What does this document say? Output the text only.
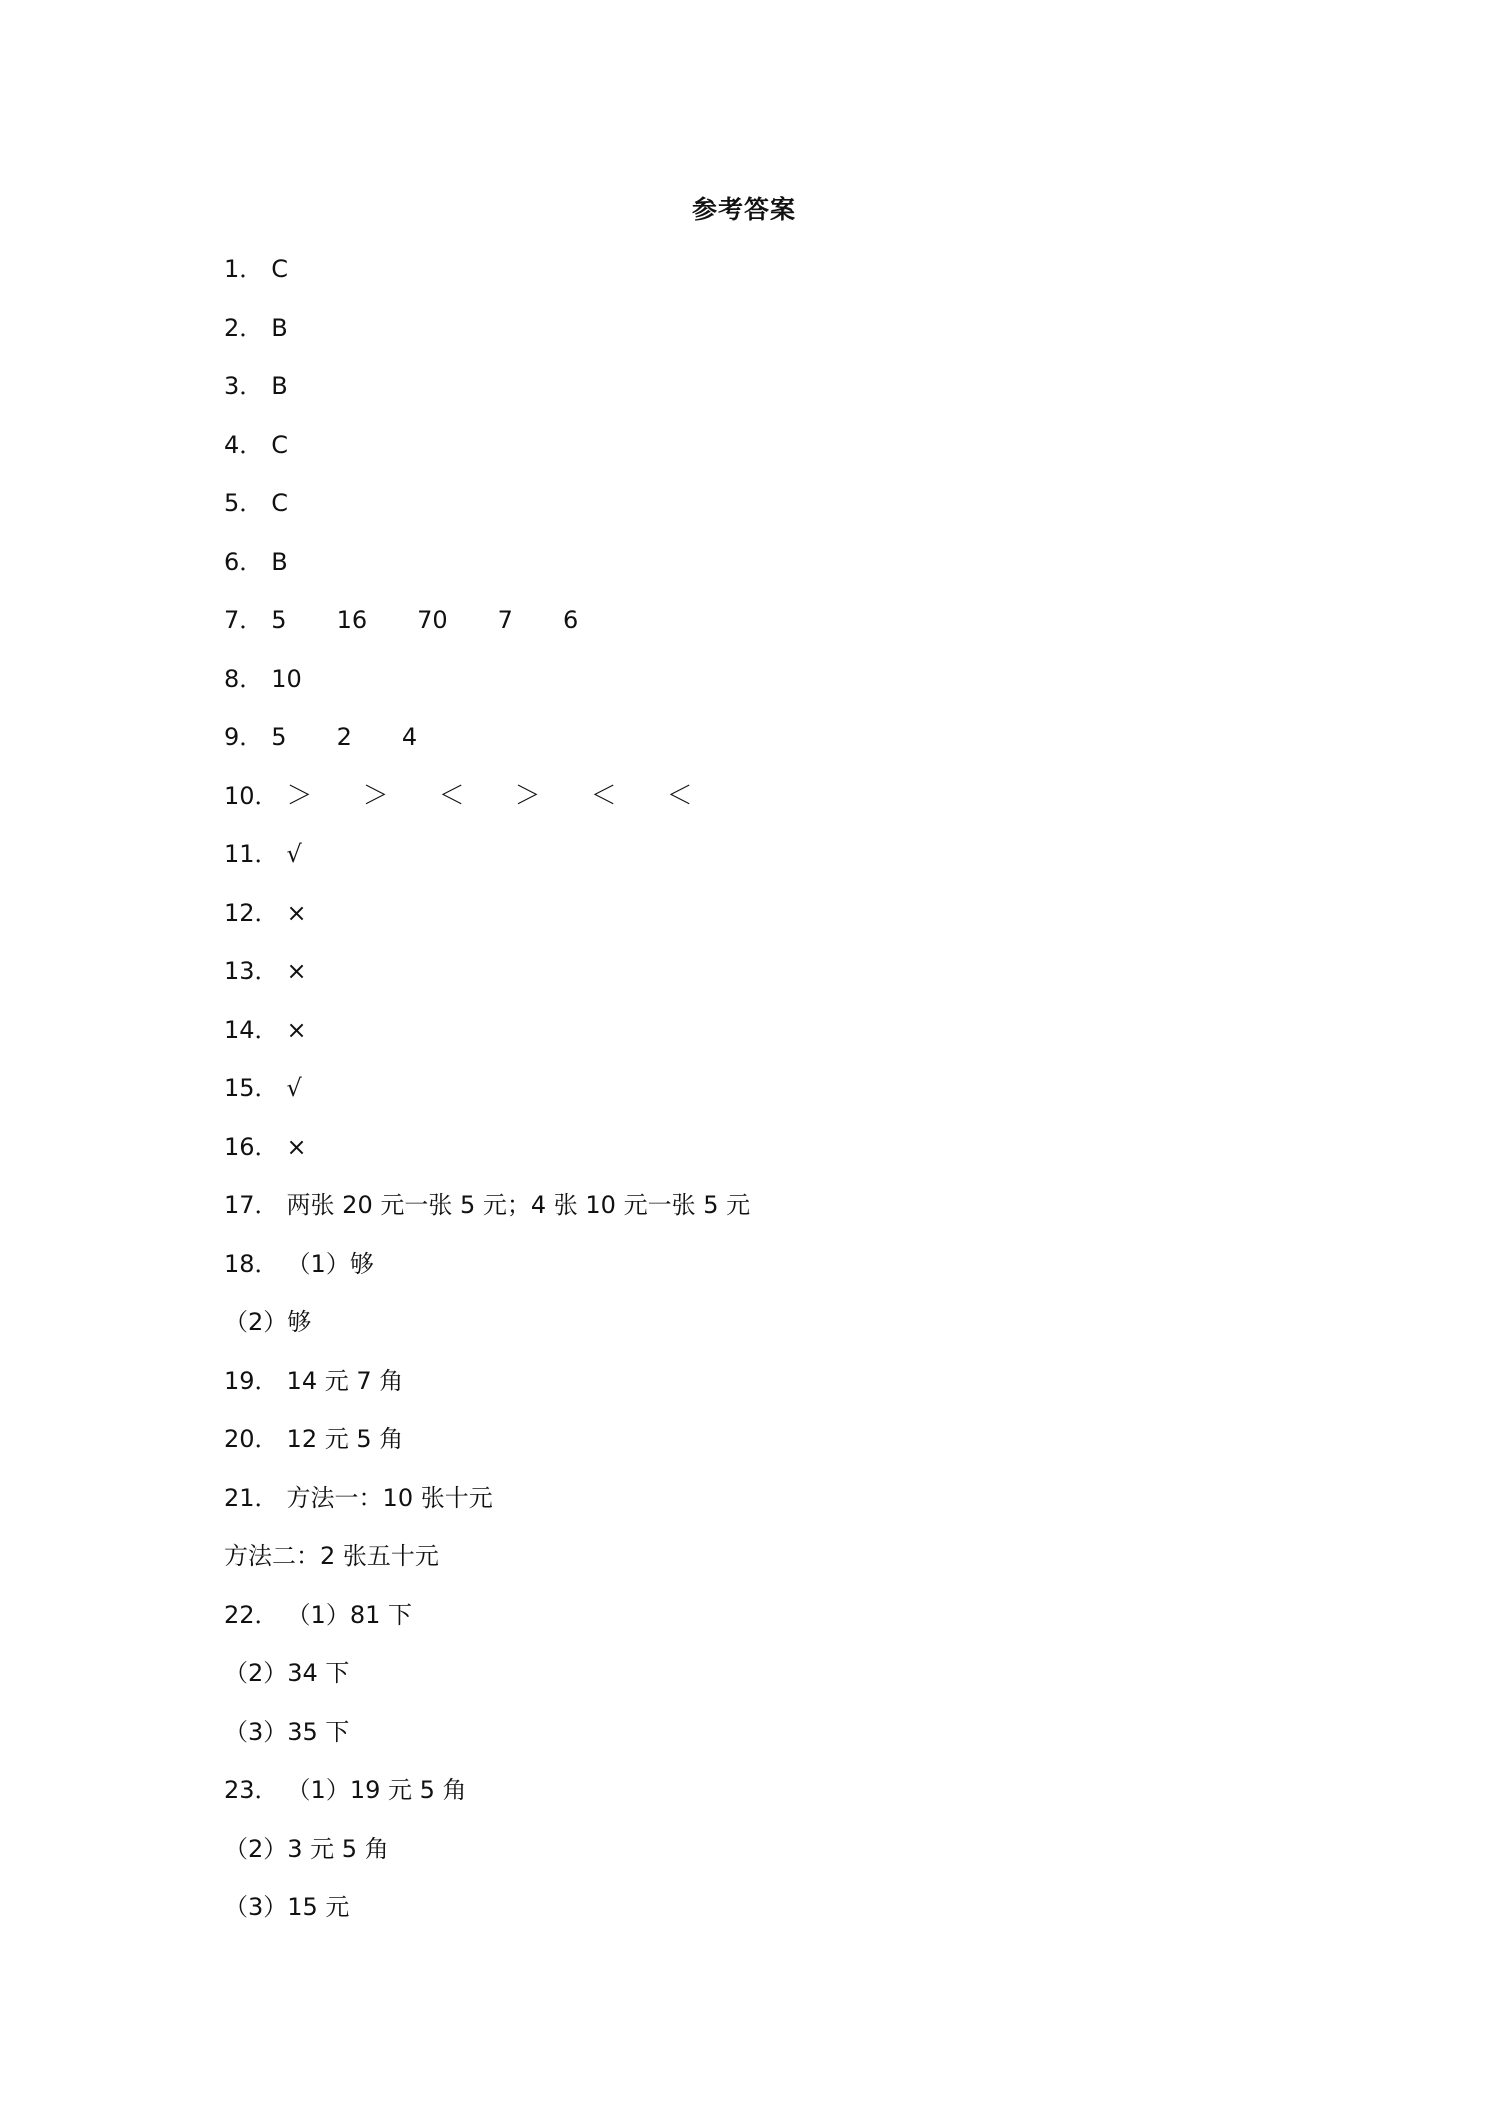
参考答案
1． C
2． B
3． B
4． C
5． C
6． B
7． 5 16 70 7 6
8． 10
9． 5 2 4
10． ＞ ＞ ＜ ＞ ＜ ＜
11． √
12． ×
13． ×
14． ×
15． √
16． ×
17． 两张 20 元一张 5 元；4 张 10 元一张 5 元
18． （1）够
（2）够
19． 14 元 7 角
20． 12 元 5 角
21． 方法一：10 张十元
方法二：2 张五十元
22． （1）81 下
（2）34 下
（3）35 下
23． （1）19 元 5 角
（2）3 元 5 角
（3）15 元
